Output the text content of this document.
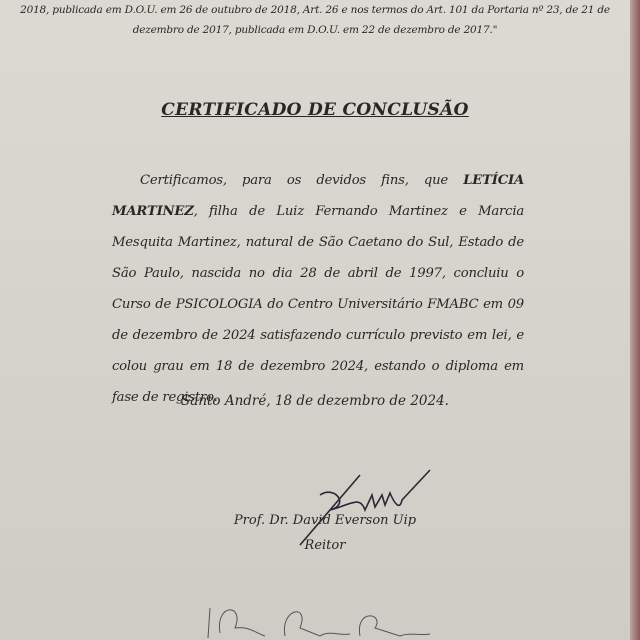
2018, publicada em D.O.U. em 26 de outubro de 2018, Art. 26 e nos termos do Art. 101 da Portaria nº 23, de 21 de
dezembro de 2017, publicada em D.O.U. em 22 de dezembro de 2017."
CERTIFICADO DE CONCLUSÃO
Certificamos, para os devidos fins, que LETÍCIA MARTINEZ, filha de Luiz Fernando Martinez e Marcia Mesquita Martinez, natural de São Caetano do Sul, Estado de São Paulo, nascida no dia 28 de abril de 1997, concluiu o Curso de PSICOLOGIA do Centro Universitário FMABC em 09 de dezembro de 2024 satisfazendo currículo previsto em lei, e colou grau em 18 de dezembro 2024, estando o diploma em fase de registro.
Santo André, 18 de dezembro de 2024.
Prof. Dr. David Everson Uip
Reitor
